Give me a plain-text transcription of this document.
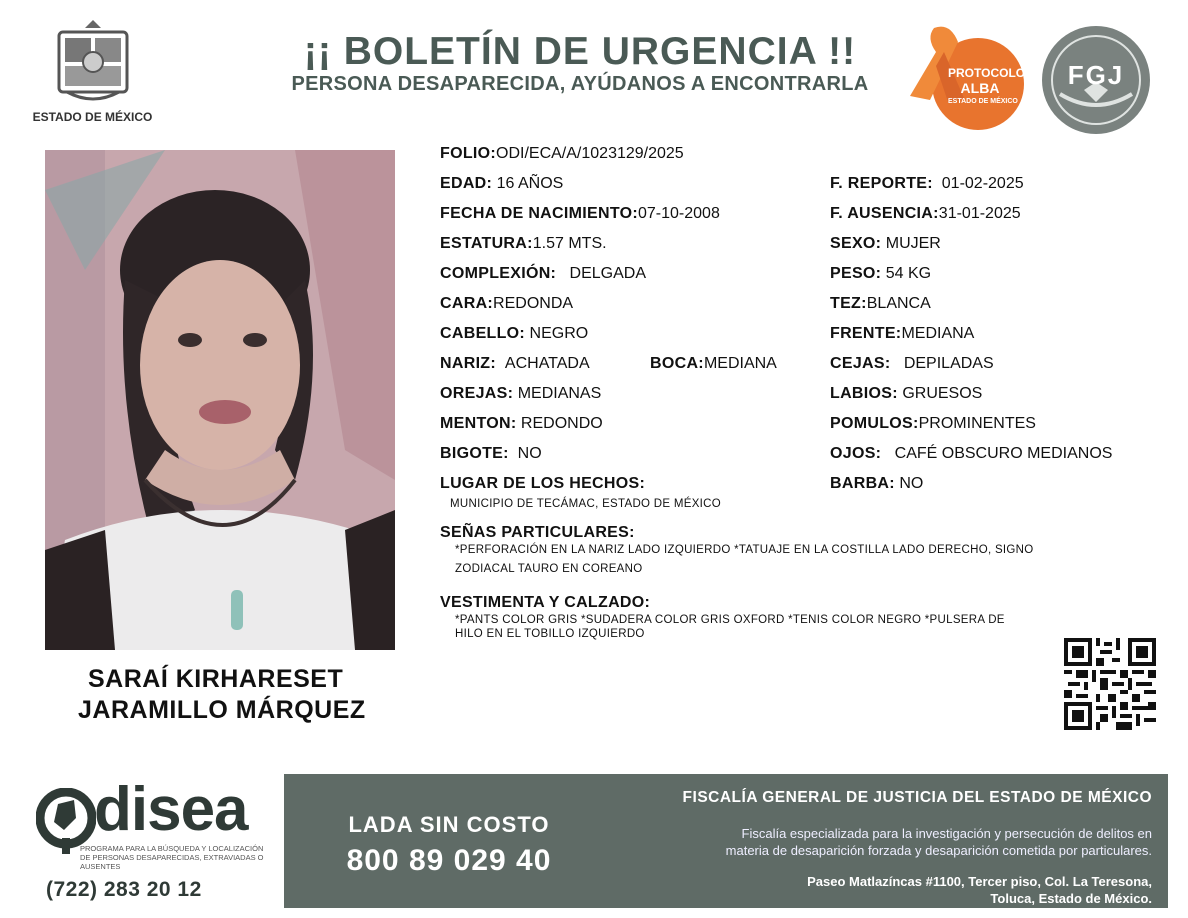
ESTADO DE MÉXICO
¡¡ BOLETÍN DE URGENCIA !!
PERSONA DESAPARECIDA, AYÚDANOS A ENCONTRARLA	PROTOCOLO
ALBA
ESTADO DE MÉXICO
FGJ
SARAÍ KIRHARESET
JARAMILLO MÁRQUEZ
FOLIO:ODI/ECA/A/1023129/2025
EDAD: 16 AÑOS
FECHA DE NACIMIENTO:07-10-2008
ESTATURA:1.57 MTS.
COMPLEXIÓN: DELGADA
CARA:REDONDA
CABELLO: NEGRO
NARIZ: ACHATADA	BOCA:MEDIANA
OREJAS: MEDIANAS
MENTON: REDONDO
BIGOTE: NO
LUGAR DE LOS HECHOS:
MUNICIPIO DE TECÁMAC, ESTADO DE MÉXICO
F. REPORTE: 01-02-2025
F. AUSENCIA:31-01-2025
SEXO: MUJER
PESO: 54 KG
TEZ:BLANCA
FRENTE:MEDIANA
CEJAS: DEPILADAS
LABIOS: GRUESOS
POMULOS:PROMINENTES
OJOS: CAFÉ OBSCURO MEDIANOS
BARBA: NO
SEÑAS PARTICULARES:
*PERFORACIÓN EN LA NARIZ LADO IZQUIERDO *TATUAJE EN LA COSTILLA LADO DERECHO, SIGNO
ZODIACAL TAURO EN COREANO
VESTIMENTA Y CALZADO:
*PANTS COLOR GRIS *SUDADERA COLOR GRIS OXFORD *TENIS COLOR NEGRO *PULSERA DE
HILO EN EL TOBILLO IZQUIERDO
disea
PROGRAMA PARA LA BÚSQUEDA Y LOCALIZACIÓN
DE PERSONAS DESAPARECIDAS, EXTRAVIADAS O
AUSENTES
(722) 283 20 12
LADA SIN COSTO
800 89 029 40
FISCALÍA GENERAL DE JUSTICIA DEL ESTADO DE MÉXICO
Fiscalía especializada para la investigación y persecución de delitos en
materia de desaparición forzada y desaparición cometida por particulares.
Paseo Matlazíncas #1100, Tercer piso, Col. La Teresona,
Toluca, Estado de México.
